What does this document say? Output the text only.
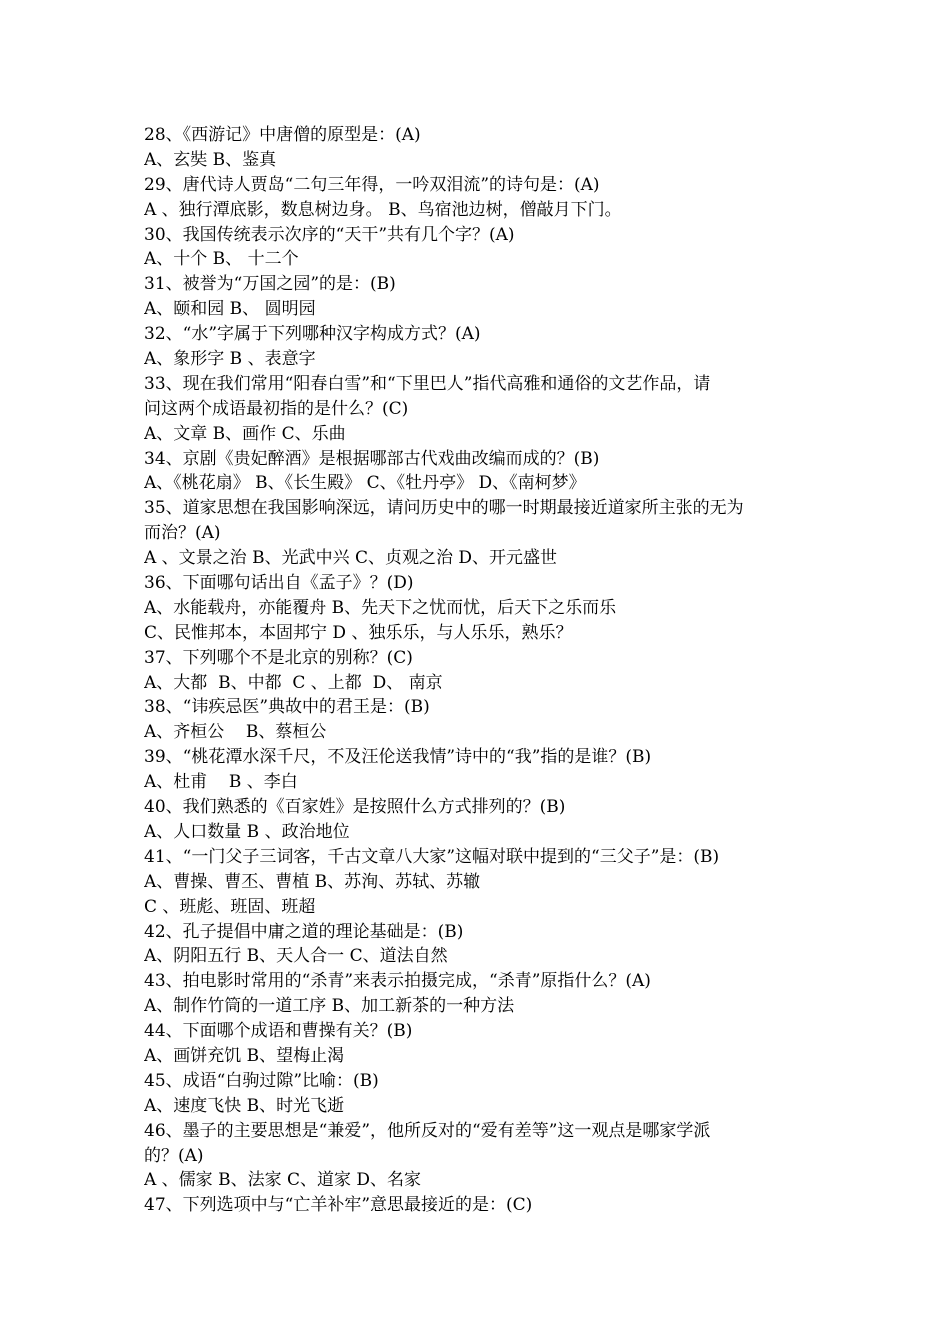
28、《西游记》中唐僧的原型是：(A)
A、玄奘 B、鉴真
29、唐代诗人贾岛“二句三年得，一吟双泪流”的诗句是：(A)
A 、独行潭底影，数息树边身。 B、鸟宿池边树，僧敲月下门。
30、我国传统表示次序的“天干”共有几个字？(A)
A、十个 B、 十二个
31、被誉为“万国之园”的是：(B)
A、颐和园 B、 圆明园
32、“水”字属于下列哪种汉字构成方式？(A)
A、象形字 B 、表意字
33、现在我们常用“阳春白雪”和“下里巴人”指代高雅和通俗的文艺作品，请
问这两个成语最初指的是什么？(C)
A、文章 B、画作 C、乐曲
34、京剧《贵妃醉酒》是根据哪部古代戏曲改编而成的？(B)
A、《桃花扇》 B、《长生殿》 C、《牡丹亭》 D、《南柯梦》
35、道家思想在我国影响深远，请问历史中的哪一时期最接近道家所主张的无为
而治？(A)
A 、文景之治 B、光武中兴 C、贞观之治 D、开元盛世
36、下面哪句话出自《孟子》？(D)
A、水能载舟，亦能覆舟 B、先天下之忧而忧，后天下之乐而乐
C、民惟邦本，本固邦宁 D 、独乐乐，与人乐乐，熟乐？
37、下列哪个不是北京的别称？(C)
A、大都  B、中都  C 、上都  D、 南京
38、“讳疾忌医”典故中的君王是：(B)
A、齐桓公    B、蔡桓公
39、“桃花潭水深千尺，不及汪伦送我情”诗中的“我”指的是谁？(B)
A、杜甫    B 、李白
40、我们熟悉的《百家姓》是按照什么方式排列的？(B)
A、人口数量 B 、政治地位
41、“一门父子三词客，千古文章八大家”这幅对联中提到的“三父子”是：(B)
A、曹操、曹丕、曹植 B、苏洵、苏轼、苏辙
C 、班彪、班固、班超
42、孔子提倡中庸之道的理论基础是：(B)
A、阴阳五行 B、天人合一 C、道法自然
43、拍电影时常用的“杀青”来表示拍摄完成，“杀青”原指什么？(A)
A、制作竹筒的一道工序 B、加工新茶的一种方法
44、下面哪个成语和曹操有关？(B)
A、画饼充饥 B、望梅止渴
45、成语“白驹过隙”比喻：(B)
A、速度飞快 B、时光飞逝
46、墨子的主要思想是“兼爱”，他所反对的“爱有差等”这一观点是哪家学派
的？(A)
A 、儒家 B、法家 C、道家 D、名家
47、下列选项中与“亡羊补牢”意思最接近的是：(C)
